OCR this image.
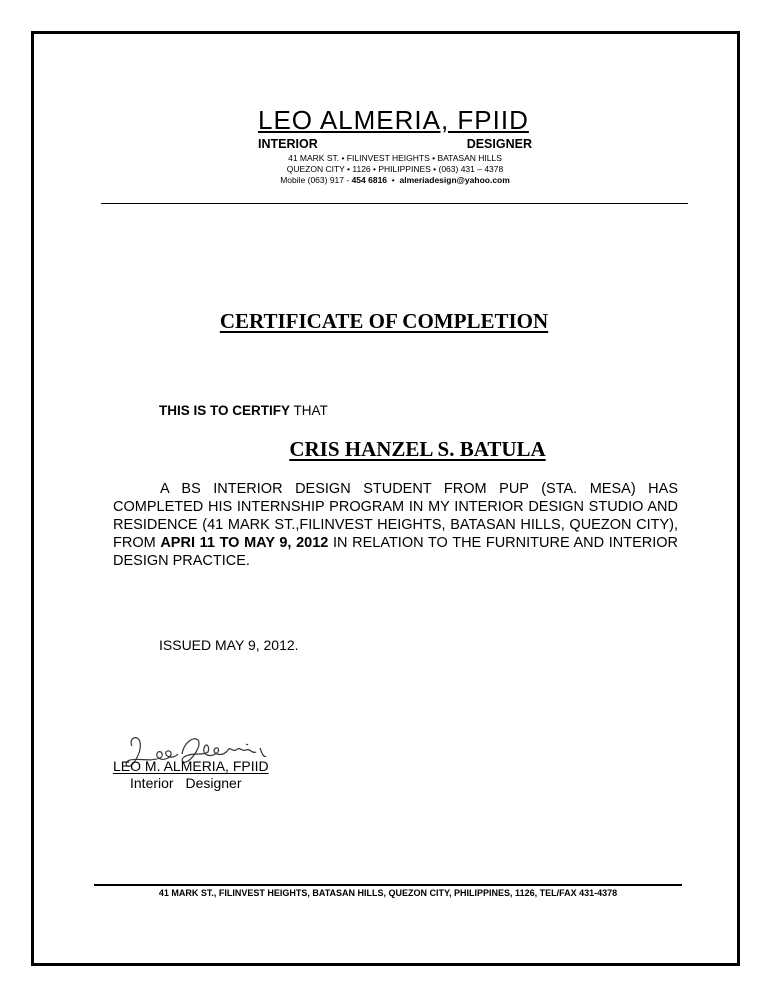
LEO ALMERIA, FPIID
INTERIOR DESIGNER
41 MARK ST. • FILINVEST HEIGHTS • BATASAN HILLS
QUEZON CITY • 1126 • PHILIPPINES • (063) 431 – 4378
Mobile (063) 917 - 454 6816 • almeriadesign@yahoo.com
CERTIFICATE OF COMPLETION
THIS IS TO CERTIFY THAT
CRIS HANZEL S. BATULA
A BS INTERIOR DESIGN STUDENT FROM PUP (STA. MESA) HAS COMPLETED HIS INTERNSHIP PROGRAM IN MY INTERIOR DESIGN STUDIO AND RESIDENCE (41 MARK ST.,FILINVEST HEIGHTS, BATASAN HILLS, QUEZON CITY), FROM APRI 11 TO MAY 9, 2012 IN RELATION TO THE FURNITURE AND INTERIOR DESIGN PRACTICE.
ISSUED MAY 9, 2012.
LEO M. ALMERIA, FPIID
Interior Designer
41 MARK ST., FILINVEST HEIGHTS, BATASAN HILLS, QUEZON CITY, PHILIPPINES, 1126, TEL/FAX 431-4378
